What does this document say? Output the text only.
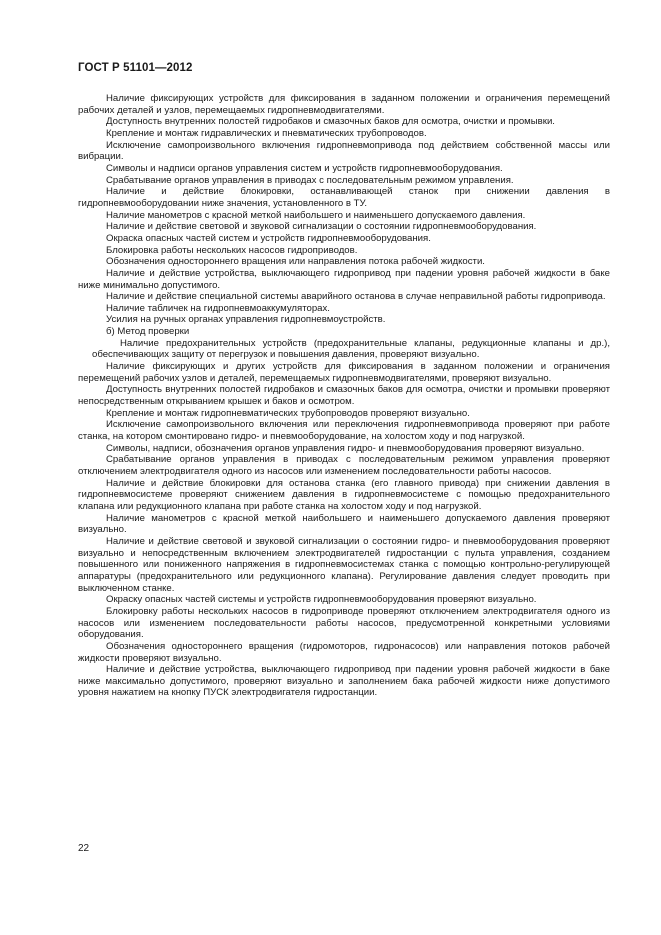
ГОСТ Р 51101—2012

Наличие фиксирующих устройств для фиксирования в заданном положении и ограничения перемещений рабочих деталей и узлов, перемещаемых гидропневмодвигателями.

Доступность внутренних полостей гидробаков и смазочных баков для осмотра, очистки и промывки.

Крепление и монтаж гидравлических и пневматических трубопроводов.

Исключение самопроизвольного включения гидропневмопривода под действием собственной массы или вибрации.

Символы и надписи органов управления систем и устройств гидропневмооборудования.

Срабатывание органов управления в приводах с последовательным режимом управления.

Наличие и действие блокировки, останавливающей станок при снижении давления в гидропневмооборудовании ниже значения, установленного в ТУ.

Наличие манометров с красной меткой наибольшего и наименьшего допускаемого давления.

Наличие и действие световой и звуковой сигнализации о состоянии гидропневмооборудования.

Окраска опасных частей систем и устройств гидропневмооборудования.

Блокировка работы нескольких насосов гидроприводов.

Обозначения одностороннего вращения или направления потока рабочей жидкости.

Наличие и действие устройства, выключающего гидропривод при падении уровня рабочей жидкости в баке ниже минимально допустимого.

Наличие и действие специальной системы аварийного останова в случае неправильной работы гидропривода.

Наличие табличек на гидропневмоаккумуляторах.

Усилия на ручных органах управления гидропневмоустройств.

б) Метод проверки

Наличие предохранительных устройств (предохранительные клапаны, редукционные клапаны и др.), обеспечивающих защиту от перегрузок и повышения давления, проверяют визуально.

Наличие фиксирующих и других устройств для фиксирования в заданном положении и ограничения перемещений рабочих узлов и деталей, перемещаемых гидропневмодвигателями, проверяют визуально.

Доступность внутренних полостей гидробаков и смазочных баков для осмотра, очистки и промывки проверяют непосредственным открыванием крышек и баков и осмотром.

Крепление и монтаж гидропневматических трубопроводов проверяют визуально.

Исключение самопроизвольного включения или переключения гидропневмопривода проверяют при работе станка, на котором смонтировано гидро- и пневмооборудование, на холостом ходу и под нагрузкой.

Символы, надписи, обозначения органов управления гидро- и пневмооборудования проверяют визуально.

Срабатывание органов управления в приводах с последовательным режимом управления проверяют отключением электродвигателя одного из насосов или изменением последовательности работы насосов.

Наличие и действие блокировки для останова станка (его главного привода) при снижении давления в гидропневмосистеме проверяют снижением давления в гидропневмосистеме с помощью предохранительного клапана или редукционного клапана при работе станка на холостом ходу и под нагрузкой.

Наличие манометров с красной меткой наибольшего и наименьшего допускаемого давления проверяют визуально.

Наличие и действие световой и звуковой сигнализации о состоянии гидро- и пневмооборудования проверяют визуально и непосредственным включением электродвигателей гидростанции с пульта управления, созданием повышенного или пониженного напряжения в гидропневмосистемах станка с помощью контрольно-регулирующей аппаратуры (предохранительного или редукционного клапана). Регулирование давления следует проводить при выключенном станке.

Окраску опасных частей системы и устройств гидропневмооборудования проверяют визуально.

Блокировку работы нескольких насосов в гидроприводе проверяют отключением электродвигателя одного из насосов или изменением последовательности работы насосов, предусмотренной конкретными условиями оборудования.

Обозначения одностороннего вращения (гидромоторов, гидронасосов) или направления потоков рабочей жидкости проверяют визуально.

Наличие и действие устройства, выключающего гидропривод при падении уровня рабочей жидкости в баке ниже максимально допустимого, проверяют визуально и заполнением бака рабочей жидкости ниже допустимого уровня нажатием на кнопку ПУСК электродвигателя гидростанции.

22
